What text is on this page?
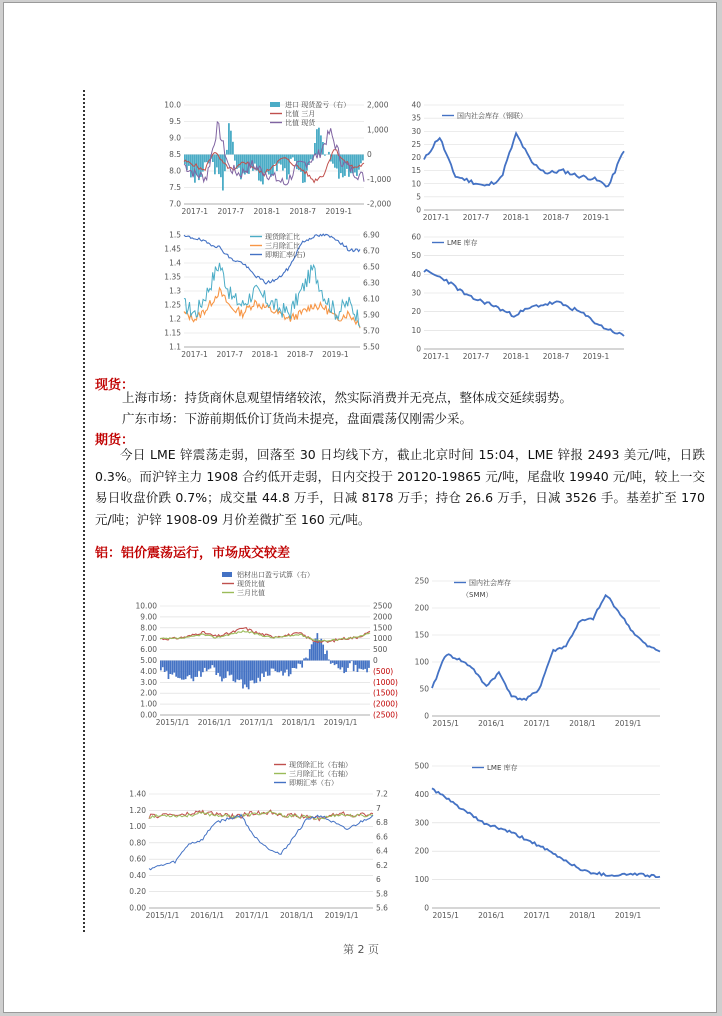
10.0
9.5
9.0
8.5
8.0
7.5
7.0
2,000
1,000
0
-1,000
-2,000
2017-1 2017-7 2018-1 2018-7 2019-1
进口 现货盈亏（右）
比值 三月
比值 现货
40
35
30
25
20
15
10
5
0
2017-1 2017-7 2018-1 2018-7 2019-1
国内社会库存（钢联）
1.5
1.45
1.4
1.35
1.3
1.25
1.2
1.15
1.1
6.90
6.70
6.50
6.30
6.10
5.90
5.70
5.50
2017-1 2017-7 2018-1 2018-7 2019-1
现货除汇比
三月除汇比
即期汇率(右)
60
50
40
30
20
10
0
2017-1 2017-7 2018-1 2018-7 2019-1
LME 库存
现货：
上海市场：持货商休息观望情绪较浓，然实际消费并无亮点，整体成交延续弱势。
广东市场：下游前期低价订货尚未提亮，盘面震荡仅刚需少采。
期货：
今日 LME 锌震荡走弱，回落至 30 日均线下方，截止北京时间 15:04，LME 锌报 2493 美元/吨，日跌 0.3%。而沪锌主力 1908 合约低开走弱，日内交投于 20120-19865 元/吨，尾盘收 19940 元/吨，较上一交易日收盘价跌 0.7%；成交量 44.8 万手，日减 8178 万手；持仓 26.6 万手，日减 3526 手。基差扩至 170 元/吨；沪锌 1908-09 月价差微扩至 160 元/吨。
铝：铝价震荡运行，市场成交较差
10.00
9.00
8.00
7.00
6.00
5.00
4.00
3.00
2.00
1.00
0.00
2500
2000
1500
1000
500
0
(500)
(1000)
(1500)
(2000)
(2500)
2015/1/1 2016/1/1 2017/1/1 2018/1/1 2019/1/1
铝材出口盈亏试算（右）
现货比值
三月比值
250
200
150
100
50
0
2015/1	2016/1	2017/1	2018/1	2019/1
国内社会库存
（SMM）
1.40
1.20
1.00
0.80
0.60
0.40
0.20
0.00
7.2
7
6.8
6.6
6.4
6.2
6
5.8
5.6
2015/1/1 2016/1/1 2017/1/1 2018/1/1 2019/1/1
现货除汇比（右轴）
三月除汇比（右轴）
即期汇率（右）
500
400
300
200
100
0
2015/1	2016/1	2017/1	2018/1	2019/1
LME 库存
第 2 页
